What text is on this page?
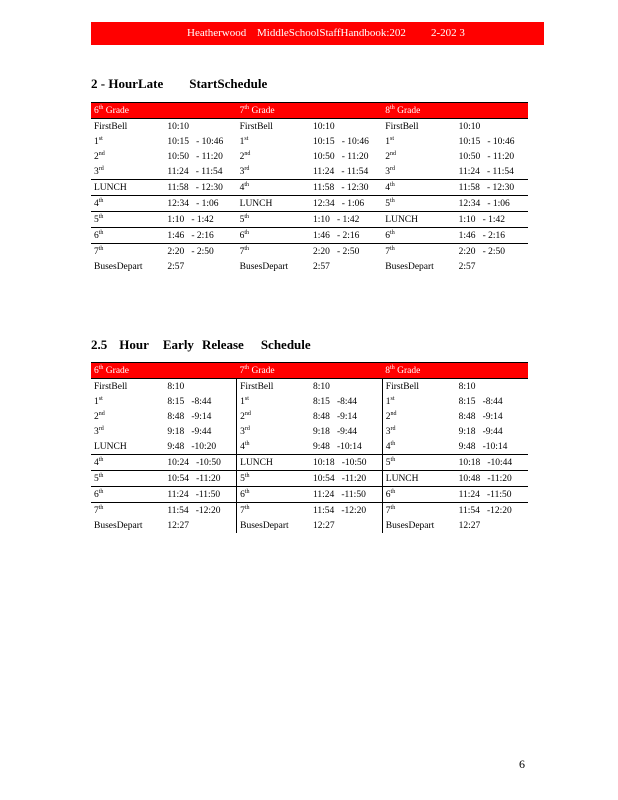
Heatherwood MiddleSchoolStaffHandbook:202 2-202 3
2 - HourLate StartSchedule
6th Grade		7th Grade		8th Grade	
FirstBell	10:10	FirstBell	10:10	FirstBell	10:10
1st	10:15   - 10:46	1st	10:15   - 10:46	1st	10:15   - 10:46
2nd	10:50   - 11:20	2nd	10:50   - 11:20	2nd	10:50   - 11:20
3rd	11:24   - 11:54	3rd	11:24   - 11:54	3rd	11:24   - 11:54
LUNCH	11:58   - 12:30	4th	11:58   - 12:30	4th	11:58   - 12:30
4th	12:34   - 1:06	LUNCH	12:34   - 1:06	5th	12:34   - 1:06
5th	1:10   - 1:42	5th	1:10   - 1:42	LUNCH	1:10   - 1:42
6th	1:46   - 2:16	6th	1:46   - 2:16	6th	1:46   - 2:16
7th	2:20   - 2:50	7th	2:20   - 2:50	7th	2:20   - 2:50
BusesDepart	2:57	BusesDepart	2:57	BusesDepart	2:57
2.5 Hour Early Release Schedule
6th Grade		7th Grade		8th Grade	
FirstBell	8:10	FirstBell	8:10	FirstBell	8:10
1st	8:15   -8:44	1st	8:15   -8:44	1st	8:15   -8:44
2nd	8:48   -9:14	2nd	8:48   -9:14	2nd	8:48   -9:14
3rd	9:18   -9:44	3rd	9:18   -9:44	3rd	9:18   -9:44
LUNCH	9:48   -10:20	4th	9:48   -10:14	4th	9:48   -10:14
4th	10:24   -10:50	LUNCH	10:18   -10:50	5th	10:18   -10:44
5th	10:54   -11:20	5th	10:54   -11:20	LUNCH	10:48   -11:20
6th	11:24   -11:50	6th	11:24   -11:50	6th	11:24   -11:50
7th	11:54   -12:20	7th	11:54   -12:20	7th	11:54   -12:20
BusesDepart	12:27	BusesDepart	12:27	BusesDepart	12:27
6
